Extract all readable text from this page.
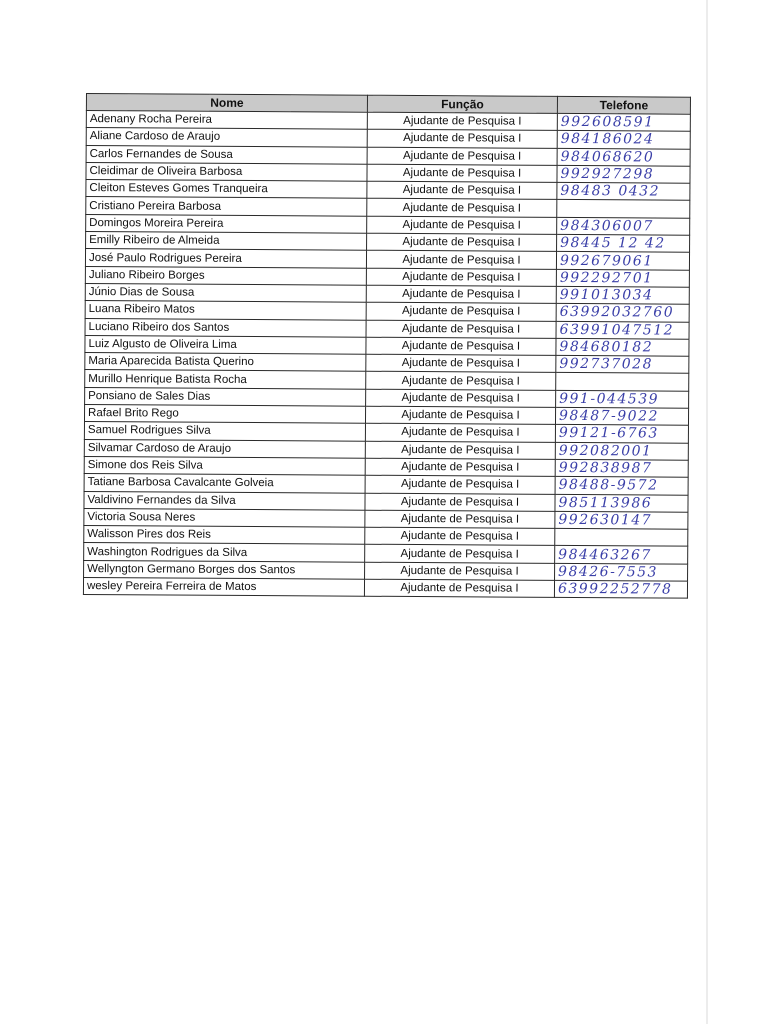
Nome	Função	Telefone
Adenany Rocha Pereira	Ajudante de Pesquisa I	992608591
Aliane Cardoso de Araujo	Ajudante de Pesquisa I	984186024
Carlos Fernandes de Sousa	Ajudante de Pesquisa I	984068620
Cleidimar de Oliveira Barbosa	Ajudante de Pesquisa I	992927298
Cleiton Esteves Gomes Tranqueira	Ajudante de Pesquisa I	98483 0432
Cristiano Pereira Barbosa	Ajudante de Pesquisa I	
Domingos Moreira Pereira	Ajudante de Pesquisa I	984306007
Emilly Ribeiro de Almeida	Ajudante de Pesquisa I	98445 12 42
José Paulo Rodrigues Pereira	Ajudante de Pesquisa I	992679061
Juliano Ribeiro Borges	Ajudante de Pesquisa I	992292701
Júnio Dias de Sousa	Ajudante de Pesquisa I	991013034
Luana Ribeiro Matos	Ajudante de Pesquisa I	63992032760
Luciano Ribeiro dos Santos	Ajudante de Pesquisa I	63991047512
Luiz Algusto de Oliveira Lima	Ajudante de Pesquisa I	984680182
Maria Aparecida Batista Querino	Ajudante de Pesquisa I	992737028
Murillo Henrique Batista Rocha	Ajudante de Pesquisa I	
Ponsiano de Sales Dias	Ajudante de Pesquisa I	991-044539
Rafael Brito Rego	Ajudante de Pesquisa I	98487-9022
Samuel Rodrigues Silva	Ajudante de Pesquisa I	99121-6763
Silvamar Cardoso de Araujo	Ajudante de Pesquisa I	992082001
Simone dos Reis Silva	Ajudante de Pesquisa I	992838987
Tatiane Barbosa Cavalcante Golveia	Ajudante de Pesquisa I	98488-9572
Valdivino Fernandes da Silva	Ajudante de Pesquisa I	985113986
Victoria Sousa Neres	Ajudante de Pesquisa I	992630147
Walisson Pires dos Reis	Ajudante de Pesquisa I	
Washington Rodrigues da Silva	Ajudante de Pesquisa I	984463267
Wellyngton Germano Borges dos Santos	Ajudante de Pesquisa I	98426-7553
wesley Pereira Ferreira de Matos	Ajudante de Pesquisa I	63992252778
